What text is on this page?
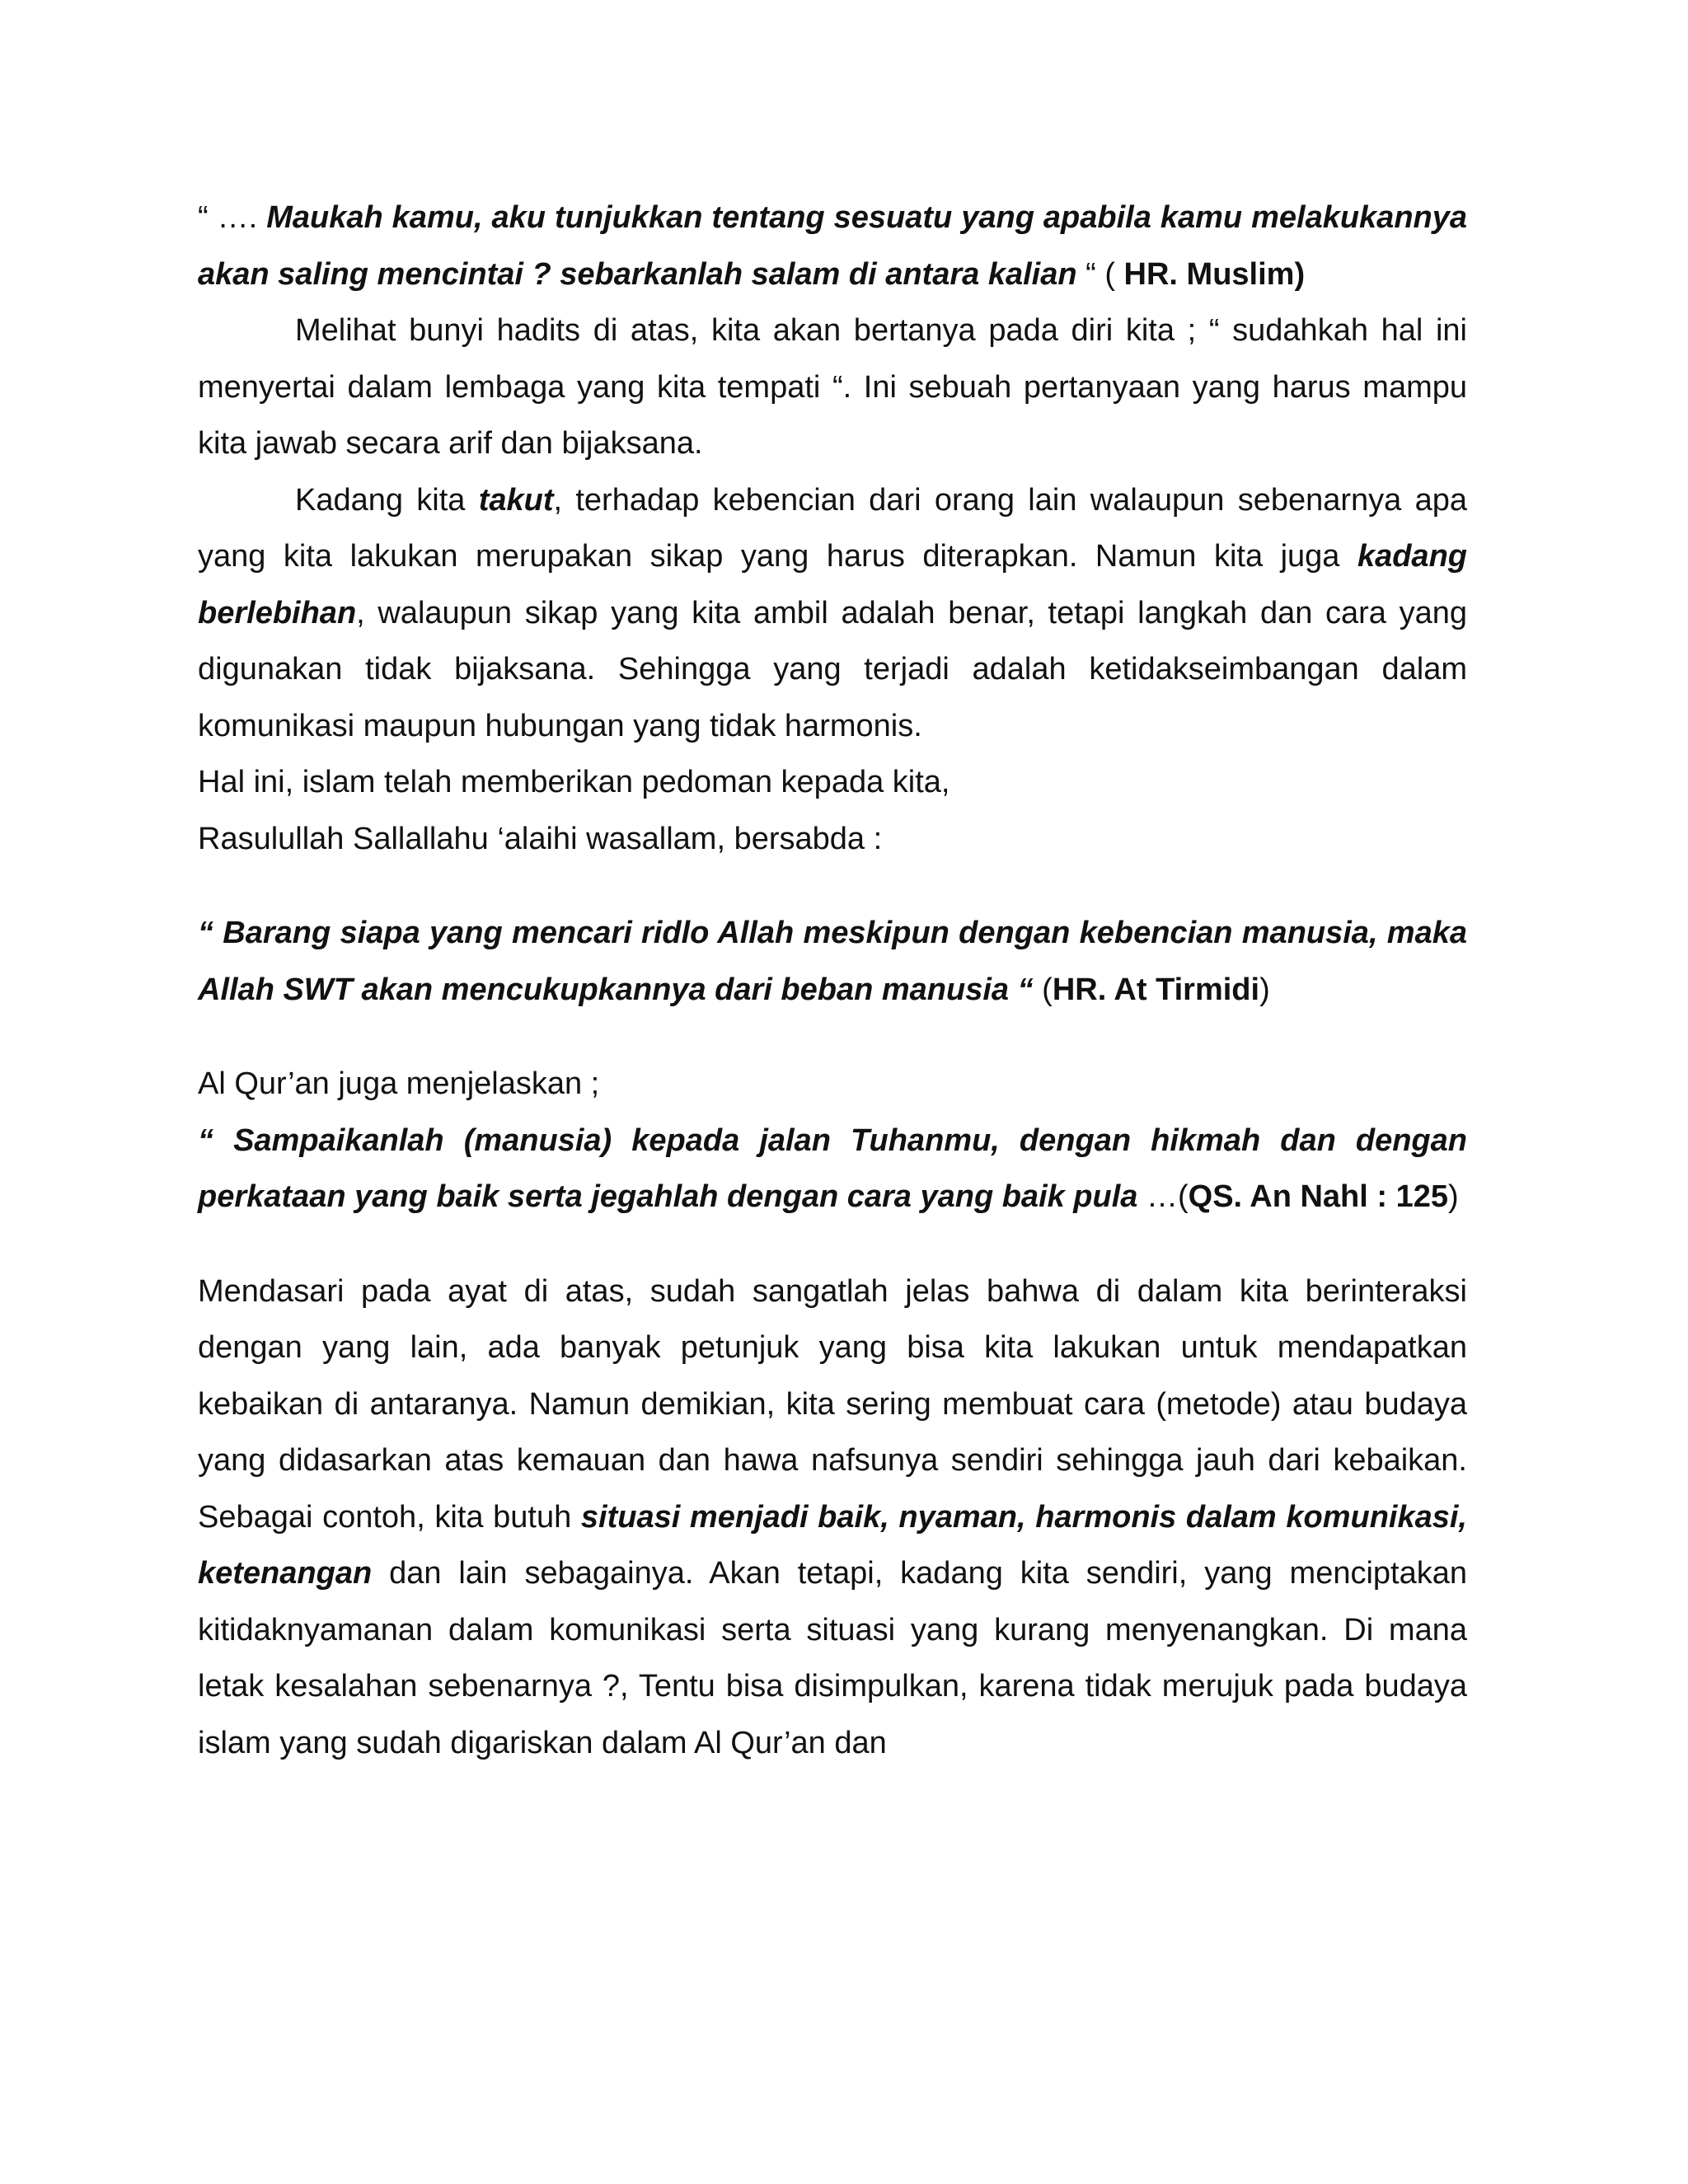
“ …. Maukah kamu, aku tunjukkan tentang sesuatu yang apabila kamu melakukannya akan saling mencintai ? sebarkanlah salam di antara kalian “ ( HR. Muslim)

Melihat bunyi hadits di atas, kita akan bertanya pada diri kita ; “ sudahkah hal ini menyertai dalam lembaga yang kita tempati “. Ini sebuah pertanyaan yang harus mampu kita jawab secara arif dan bijaksana.

Kadang kita takut, terhadap kebencian dari orang lain walaupun sebenarnya apa yang kita lakukan merupakan sikap yang harus diterapkan. Namun kita juga kadang berlebihan, walaupun sikap yang kita ambil adalah benar, tetapi langkah dan cara yang digunakan tidak bijaksana. Sehingga yang terjadi adalah ketidakseimbangan dalam komunikasi maupun hubungan yang tidak harmonis.

Hal ini, islam telah memberikan pedoman kepada kita,

Rasulullah Sallallahu ‘alaihi wasallam, bersabda :

“ Barang siapa yang mencari ridlo Allah meskipun dengan kebencian manusia, maka Allah SWT akan mencukupkannya dari beban manusia “ (HR. At Tirmidi)

Al Qur’an juga menjelaskan ;

“ Sampaikanlah (manusia) kepada jalan Tuhanmu, dengan hikmah dan dengan perkataan yang baik serta jegahlah dengan cara yang baik pula …(QS. An Nahl : 125)

Mendasari pada ayat di atas, sudah sangatlah jelas bahwa di dalam kita berinteraksi dengan yang lain, ada banyak petunjuk yang bisa kita lakukan untuk mendapatkan kebaikan di antaranya. Namun demikian, kita sering membuat cara (metode) atau budaya yang didasarkan atas kemauan dan hawa nafsunya sendiri sehingga jauh dari kebaikan. Sebagai contoh, kita butuh situasi menjadi baik, nyaman, harmonis dalam komunikasi, ketenangan dan lain sebagainya. Akan tetapi, kadang kita sendiri, yang menciptakan kitidaknyamanan dalam komunikasi serta situasi yang kurang menyenangkan. Di mana letak kesalahan sebenarnya ?, Tentu bisa disimpulkan, karena tidak merujuk pada budaya islam yang sudah digariskan dalam Al Qur’an dan
